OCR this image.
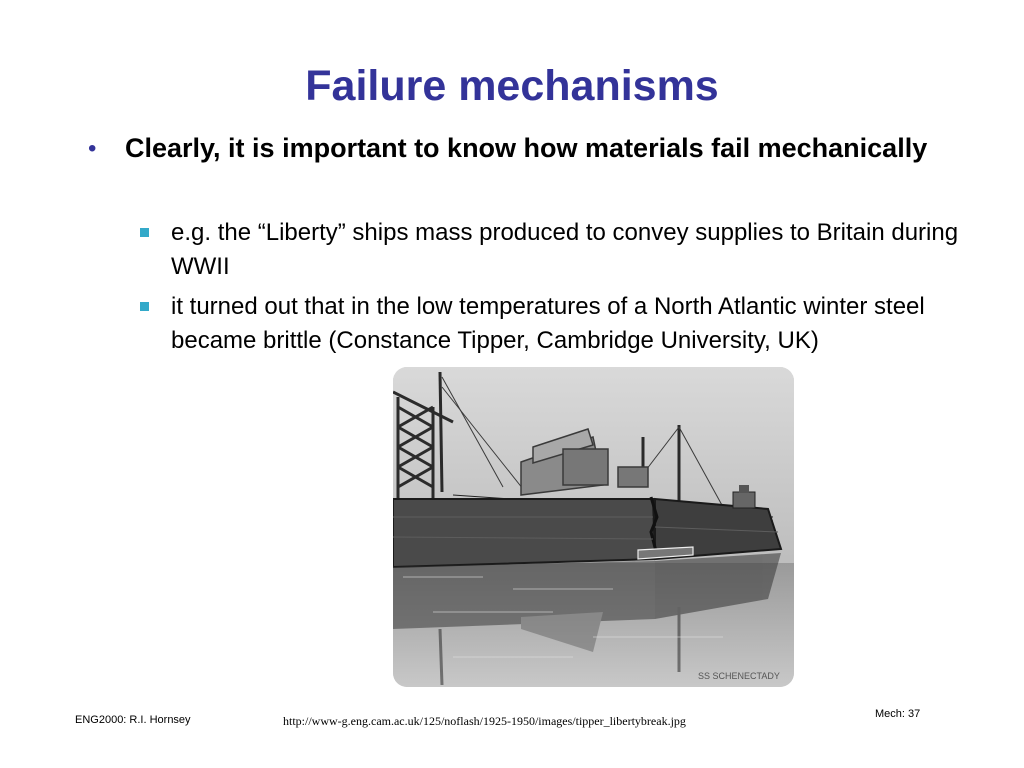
Failure mechanisms
• Clearly, it is important to know how materials fail mechanically
e.g. the “Liberty” ships mass produced to convey supplies to Britain during WWII
it turned out that in the low temperatures of a North Atlantic winter steel became brittle (Constance Tipper, Cambridge University, UK)
SS SCHENECTADY
ENG2000: R.I. Hornsey	http://www-g.eng.cam.ac.uk/125/noflash/1925-1950/images/tipper_libertybreak.jpg	Mech: 37
